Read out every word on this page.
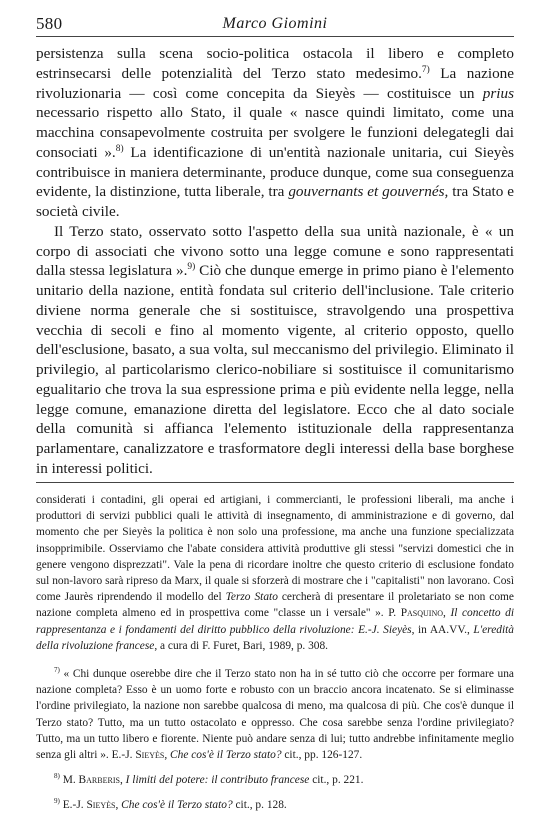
580	Marco Giomini

persistenza sulla scena socio-politica ostacola il libero e completo estrinsecarsi delle potenzialità del Terzo stato medesimo.$^{7)}$ La nazione rivoluzionaria — così come concepita da Sieyès — costituisce un prius necessario rispetto allo Stato, il quale « nasce quindi limitato, come una macchina consapevolmente costruita per svolgere le funzioni delegategli dai consociati ».$^{8)}$ La identificazione di un'entità nazionale unitaria, cui Sieyès contribuisce in maniera determinante, produce dunque, come sua conseguenza evidente, la distinzione, tutta liberale, tra gouvernants et gouvernés, tra Stato e società civile.

Il Terzo stato, osservato sotto l'aspetto della sua unità nazionale, è « un corpo di associati che vivono sotto una legge comune e sono rappresentati dalla stessa legislatura ».$^{9)}$ Ciò che dunque emerge in primo piano è l'elemento unitario della nazione, entità fondata sul criterio dell'inclusione. Tale criterio diviene norma generale che si sostituisce, stravolgendo una prospettiva vecchia di secoli e fino al momento vigente, al criterio opposto, quello dell'esclusione, basato, a sua volta, sul meccanismo del privilegio. Eliminato il privilegio, al particolarismo clerico-nobiliare si sostituisce il comunitarismo egualitario che trova la sua espressione prima e più evidente nella legge, nella legge comune, emanazione diretta del legislatore. Ecco che al dato sociale della comunità si affianca l'elemento istituzionale della rappresentanza parlamentare, canalizzatore e trasformatore degli interessi della base borghese in interessi politici.

considerati i contadini, gli operai ed artigiani, i commercianti, le professioni liberali, ma anche i produttori di servizi pubblici quali le attività di insegnamento, di amministrazione e di governo, dal momento che per Sieyès la politica è non solo una professione, ma anche una funzione specializzata insopprimibile. Osserviamo che l'abate considera attività produttive gli stessi "servizi domestici che in genere vengono disprezzati". Vale la pena di ricordare inoltre che questo criterio di esclusione fondato sul non-lavoro sarà ripreso da Marx, il quale si sforzerà di mostrare che i "capitalisti" non lavorano. Così come Jaurès riprendendo il modello del Terzo Stato cercherà di presentare il proletariato se non come nazione completa almeno ed in prospettiva come "classe un i versale" ». P. Pasquino, Il concetto di rappresentanza e i fondamenti del diritto pubblico della rivoluzione: E.-J. Sieyès, in AA.VV., L'eredità della rivoluzione francese, a cura di F. Furet, Bari, 1989, p. 308.

$^{7)}$ « Chi dunque oserebbe dire che il Terzo stato non ha in sé tutto ciò che occorre per formare una nazione completa? Esso è un uomo forte e robusto con un braccio ancora incatenato. Se si eliminasse l'ordine privilegiato, la nazione non sarebbe qualcosa di meno, ma qualcosa di più. Che cos'è dunque il Terzo stato? Tutto, ma un tutto ostacolato e oppresso. Che cosa sarebbe senza l'ordine privilegiato? Tutto, ma un tutto libero e fiorente. Niente può andare senza di lui; tutto andrebbe infinitamente meglio senza gli altri ». E.-J. Sieyès, Che cos'è il Terzo stato? cit., pp. 126-127.

$^{8)}$ M. Barberis, I limiti del potere: il contributo francese cit., p. 221.

$^{9)}$ E.-J. Sieyès, Che cos'è il Terzo stato? cit., p. 128.
